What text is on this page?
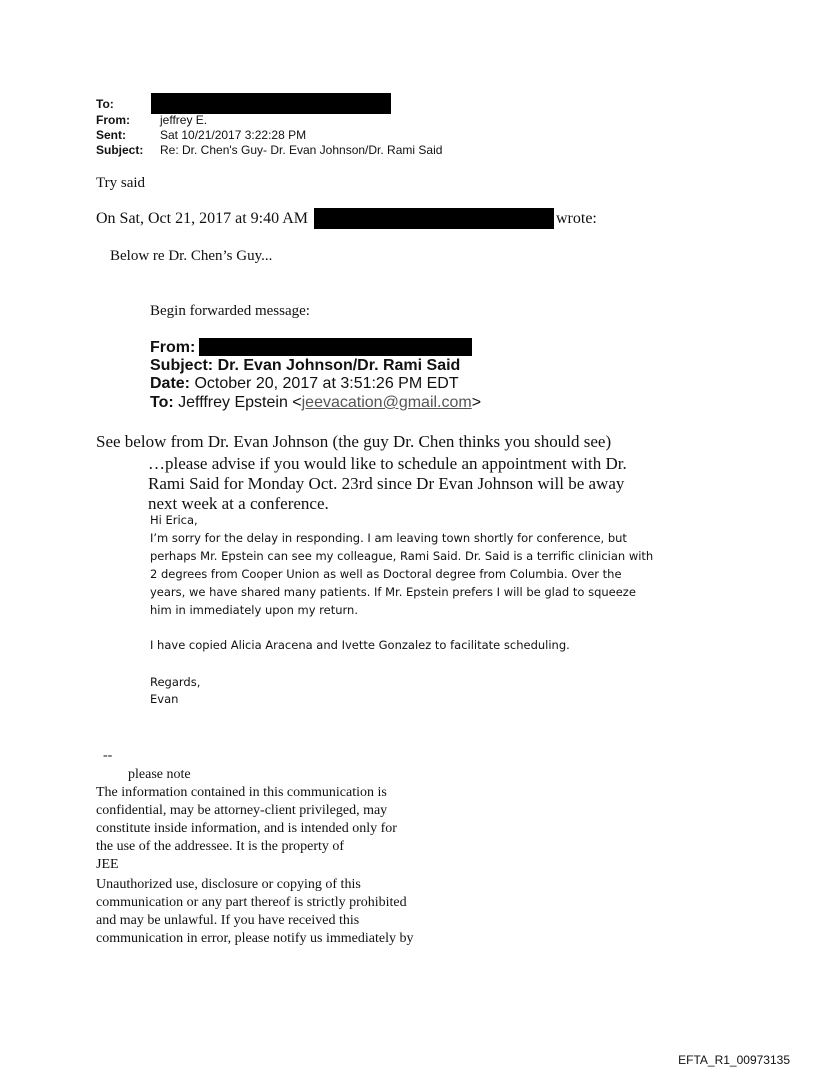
To:
From:	jeffrey E.
Sent:	Sat 10/21/2017 3:22:28 PM
Subject: Re: Dr. Chen's Guy- Dr. Evan Johnson/Dr. Rami Said
Try said
On Sat, Oct 21, 2017 at 9:40 AM	wrote:
Below re Dr. Chen’s Guy...
Begin forwarded message:
From:
Subject: Dr. Evan Johnson/Dr. Rami Said
Date: October 20, 2017 at 3:51:26 PM EDT
To: Jefffrey Epstein <jeevacation@gmail.com>
See below from Dr. Evan Johnson (the guy Dr. Chen thinks you should see)
…please advise if you would like to schedule an appointment with Dr.
Rami Said for Monday Oct. 23rd since Dr Evan Johnson will be away
next week at a conference.
Hi Erica,
I’m sorry for the delay in responding. I am leaving town shortly for conference, but
perhaps Mr. Epstein can see my colleague, Rami Said. Dr. Said is a terrific clinician with
2 degrees from Cooper Union as well as Doctoral degree from Columbia. Over the
years, we have shared many patients. If Mr. Epstein prefers I will be glad to squeeze
him in immediately upon my return.
I have copied Alicia Aracena and Ivette Gonzalez to facilitate scheduling.
Regards,
Evan
--
please note
The information contained in this communication is
confidential, may be attorney-client privileged, may
constitute inside information, and is intended only for
the use of the addressee. It is the property of
JEE
Unauthorized use, disclosure or copying of this
communication or any part thereof is strictly prohibited
and may be unlawful. If you have received this
communication in error, please notify us immediately by
EFTA_R1_00973135
